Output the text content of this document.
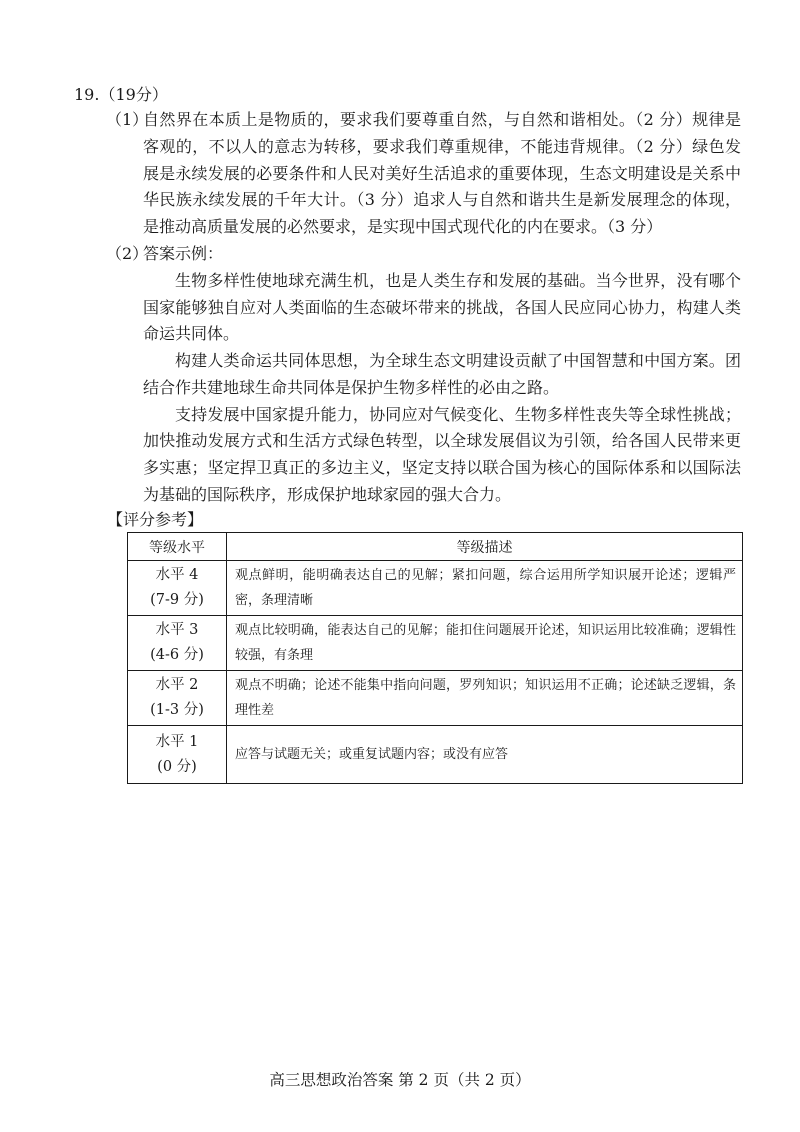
19.（19分）
（1）
自然界在本质上是物质的，要求我们要尊重自然，与自然和谐相处。（2 分）规律是
客观的，不以人的意志为转移，要求我们尊重规律，不能违背规律。（2 分）绿色发
展是永续发展的必要条件和人民对美好生活追求的重要体现，生态文明建设是关系中
华民族永续发展的千年大计。（3 分）追求人与自然和谐共生是新发展理念的体现，
是推动高质量发展的必然要求，是实现中国式现代化的内在要求。（3 分）
（2）
答案示例：
生物多样性使地球充满生机，也是人类生存和发展的基础。当今世界，没有哪个
国家能够独自应对人类面临的生态破坏带来的挑战，各国人民应同心协力，构建人类
命运共同体。
构建人类命运共同体思想，为全球生态文明建设贡献了中国智慧和中国方案。团
结合作共建地球生命共同体是保护生物多样性的必由之路。
支持发展中国家提升能力，协同应对气候变化、生物多样性丧失等全球性挑战；
加快推动发展方式和生活方式绿色转型，以全球发展倡议为引领，给各国人民带来更
多实惠；坚定捍卫真正的多边主义，坚定支持以联合国为核心的国际体系和以国际法
为基础的国际秩序，形成保护地球家园的强大合力。
【评分参考】
等级水平	等级描述

水平 4
(7-9 分)	观点鲜明，能明确表达自己的见解；紧扣问题，综合运用所学知识展开论述；逻辑严密，条理清晰

水平 3
(4-6 分)	观点比较明确，能表达自己的见解；能扣住问题展开论述，知识运用比较准确；逻辑性较强，有条理

水平 2
(1-3 分)	观点不明确；论述不能集中指向问题，罗列知识；知识运用不正确；论述缺乏逻辑，条理性差

水平 1
(0 分)	应答与试题无关；或重复试题内容；或没有应答
高三思想政治答案 第 2 页（共 2 页）
